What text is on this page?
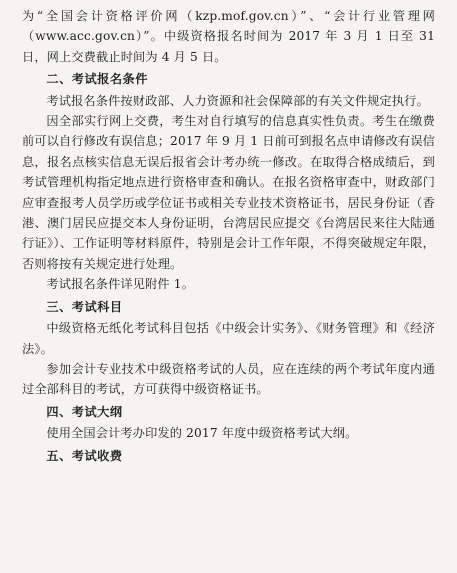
为“全国会计资格评价网（kzp.mof.gov.cn）”、“会计行业管理网（www.acc.gov.cn）”。中级资格报名时间为 2017 年 3 月 1 日至 31 日，网上交费截止时间为 4 月 5 日。

二、考试报名条件

考试报名条件按财政部、人力资源和社会保障部的有关文件规定执行。

因全部实行网上交费，考生对自行填写的信息真实性负责。考生在缴费前可以自行修改有误信息；2017 年 9 月 1 日前可到报名点申请修改有误信息，报名点核实信息无误后报省会计考办统一修改。在取得合格成绩后，到考试管理机构指定地点进行资格审查和确认。在报名资格审查中，财政部门应审查报考人员学历或学位证书或相关专业技术资格证书，居民身份证（香港、澳门居民应提交本人身份证明，台湾居民应提交《台湾居民来往大陆通行证》）、工作证明等材料原件，特别是会计工作年限，不得突破规定年限，否则将按有关规定进行处理。

考试报名条件详见附件 1。

三、考试科目

中级资格无纸化考试科目包括《中级会计实务》、《财务管理》和《经济法》。

参加会计专业技术中级资格考试的人员，应在连续的两个考试年度内通过全部科目的考试，方可获得中级资格证书。

四、考试大纲

使用全国会计考办印发的 2017 年度中级资格考试大纲。

五、考试收费
